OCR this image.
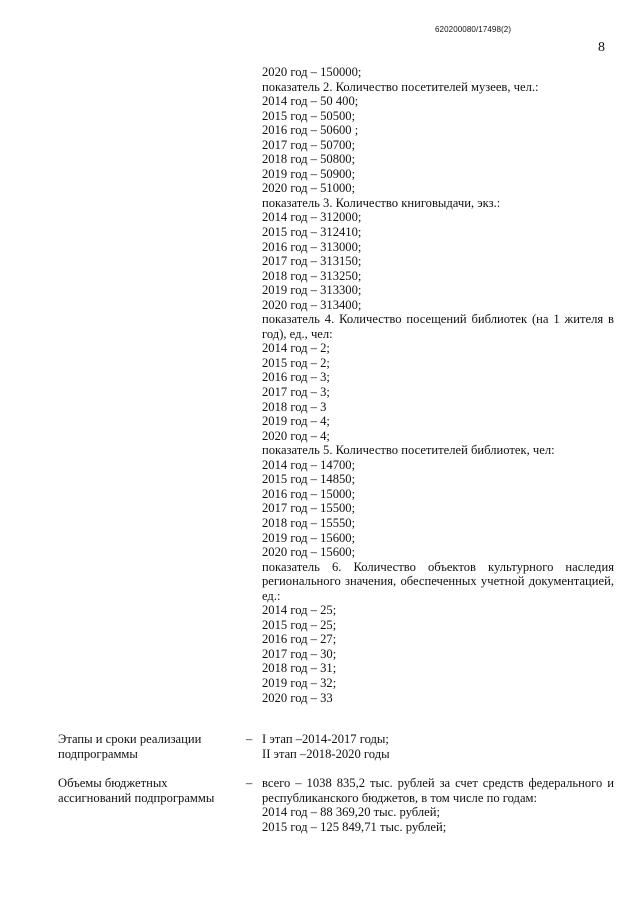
620200080/17498(2)
8
2020 год – 150000;
показатель 2. Количество посетителей музеев, чел.:
2014 год – 50 400;
2015 год – 50500;
2016 год – 50600 ;
2017 год – 50700;
2018 год – 50800;
2019 год – 50900;
2020 год – 51000;
показатель 3. Количество книговыдачи, экз.:
2014 год – 312000;
2015 год – 312410;
2016 год – 313000;
2017 год – 313150;
2018 год – 313250;
2019 год – 313300;
2020 год – 313400;
показатель 4. Количество посещений библиотек (на 1 жителя в год), ед., чел:
2014 год – 2;
2015 год – 2;
2016 год – 3;
2017 год – 3;
2018 год – 3
2019 год – 4;
2020 год – 4;
показатель 5. Количество посетителей библиотек, чел:
2014 год – 14700;
2015 год – 14850;
2016 год – 15000;
2017 год – 15500;
2018 год – 15550;
2019 год – 15600;
2020 год – 15600;
показатель 6. Количество объектов культурного наследия регионального значения, обеспеченных учетной документацией, ед.:
2014 год – 25;
2015 год – 25;
2016 год – 27;
2017 год – 30;
2018 год – 31;
2019 год – 32;
2020 год – 33
Этапы и сроки реализации подпрограммы
– I этап –2014-2017 годы;
II этап –2018-2020 годы
Объемы бюджетных ассигнований подпрограммы
– всего – 1038 835,2 тыс. рублей за счет средств федерального и республиканского бюджетов, в том числе по годам:
2014 год – 88 369,20 тыс. рублей;
2015 год – 125 849,71 тыс. рублей;
